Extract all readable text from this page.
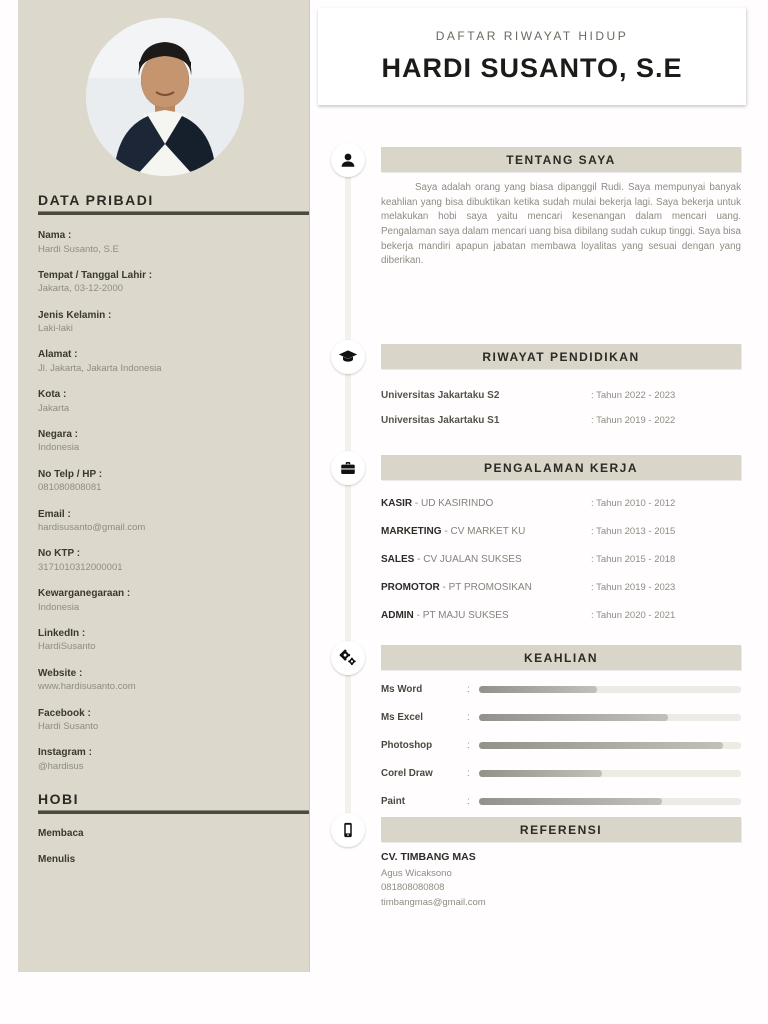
DATA PRIBADI
Nama :
Hardi Susanto, S.E
Tempat / Tanggal Lahir :
Jakarta, 03-12-2000
Jenis Kelamin :
Laki-laki
Alamat :
Jl. Jakarta, Jakarta Indonesia
Kota :
Jakarta
Negara :
Indonesia
No Telp / HP :
081080808081
Email :
hardisusanto@gmail.com
No KTP :
3171010312000001
Kewarganegaraan :
Indonesia
LinkedIn :
HardiSusanto
Website :
www.hardisusanto.com
Facebook :
Hardi Susanto
Instagram :
@hardisus
HOBI
Membaca
Menulis
DAFTAR RIWAYAT HIDUP
HARDI SUSANTO, S.E
TENTANG SAYA
Saya adalah orang yang biasa dipanggil Rudi. Saya mempunyai banyak keahlian yang bisa dibuktikan ketika sudah mulai bekerja lagi. Saya bekerja untuk melakukan hobi saya yaitu mencari kesenangan dalam mencari uang. Pengalaman saya dalam mencari uang bisa dibilang sudah cukup tinggi. Saya bisa bekerja mandiri apapun jabatan membawa loyalitas yang sesuai dengan yang diberikan.
RIWAYAT PENDIDIKAN
Universitas Jakartaku S2	: Tahun 2022 - 2023
Universitas Jakartaku S1	: Tahun 2019 - 2022
PENGALAMAN KERJA
KASIR - UD KASIRINDO	: Tahun 2010 - 2012
MARKETING - CV MARKET KU	: Tahun 2013 - 2015
SALES - CV JUALAN SUKSES	: Tahun 2015 - 2018
PROMOTOR - PT PROMOSIKAN	: Tahun 2019 - 2023
ADMIN - PT MAJU SUKSES	: Tahun 2020 - 2021
KEAHLIAN
Ms Word	:
Ms Excel	:
Photoshop	:
Corel Draw	:
Paint	:
REFERENSI
CV. TIMBANG MAS
Agus Wicaksono
081808080808
timbangmas@gmail.com
